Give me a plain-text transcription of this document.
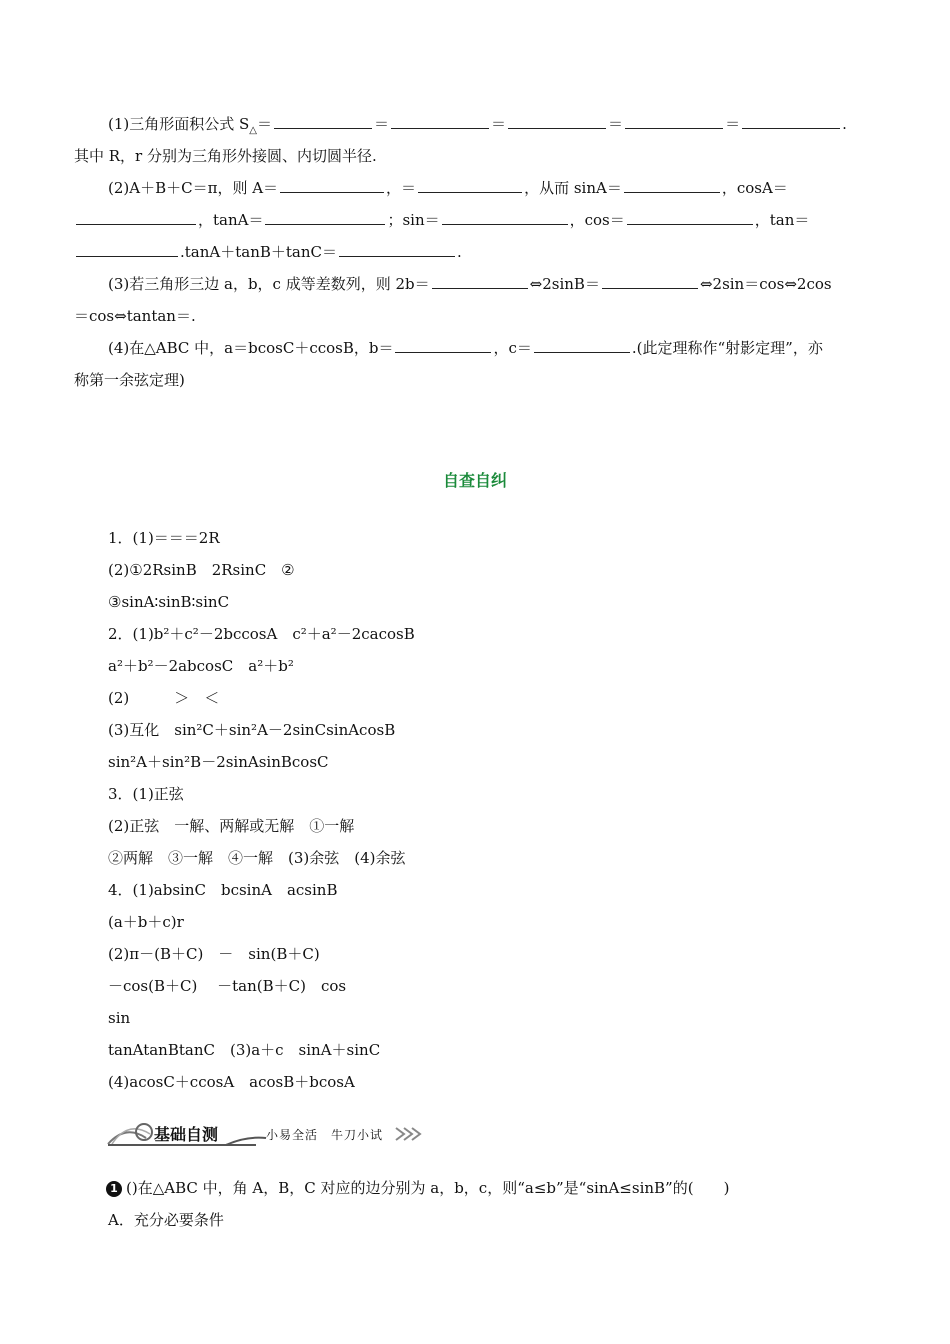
(1)三角形面积公式 $S_\triangle=$	＝	＝	＝	＝	.
其中 R，r 分别为三角形外接圆、内切圆半径.
(2)A＋B＋C＝π，则 A＝	，＝	，从而 sinA＝	，cosA＝
，tanA＝	；sin＝	，cos＝	，tan＝
.tanA＋tanB＋tanC＝	.
(3)若三角形三边 a，b，c 成等差数列，则 2b＝	⇔2sinB＝	⇔2sin＝cos⇔2cos
＝cos⇔tantan＝.
(4)在△ABC 中，a＝bcosC＋ccosB，b＝	，c＝	.(此定理称作“射影定理”，亦
称第一余弦定理)
自查自纠
1．(1)＝＝＝2R
(2)①2RsinB　2RsinC　②
③sinA∶sinB∶sinC
2．(1)b²＋c²－2bccosA　c²＋a²－2cacosB
a²＋b²－2abcosC　a²＋b²
(2)　　　＞　＜
(3)互化　sin²C＋sin²A－2sinCsinAcosB
sin²A＋sin²B－2sinAsinBcosC
3．(1)正弦
(2)正弦　一解、两解或无解　①一解
②两解　③一解　④一解　(3)余弦　(4)余弦
4．(1)absinC　bcsinA　acsinB
(a＋b＋c)r
(2)π－(B＋C)　－　sin(B＋C)
－cos(B＋C)　 －tan(B＋C)　cos
sin
tanAtanBtanC　(3)a＋c　sinA＋sinC
(4)acosC＋ccosA　acosB＋bcosA
基础自测	小易全活　牛刀小试
1 ()在△ABC 中，角 A，B，C 对应的边分别为 a，b，c，则“a≤b”是“sinA≤sinB”的(　　)
A．充分必要条件
